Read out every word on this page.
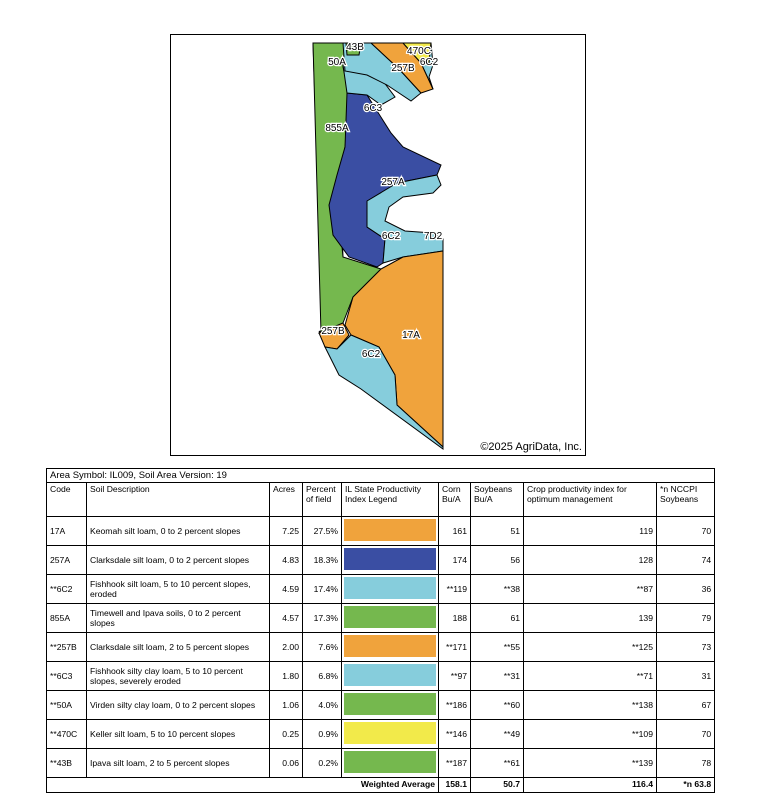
43B	470C
6C2
50A
257B
6C3
855A
257A
6C2 7D2
257B	17A
6C2
©2025 AgriData, Inc.
Area Symbol: IL009, Soil Area Version: 19								
Code	Soil Description	Acres	Percent of field	IL State Productivity Index Legend	Corn Bu/A	Soybeans Bu/A	Crop productivity index for optimum management	*n NCCPI Soybeans
17A	Keomah silt loam, 0 to 2 percent slopes	7.25	27.5%		161	51	119	70
257A	Clarksdale silt loam, 0 to 2 percent slopes	4.83	18.3%		174	56	128	74
**6C2	Fishhook silt loam, 5 to 10 percent slopes, eroded	4.59	17.4%		**119	**38	**87	36
855A	Timewell and Ipava soils, 0 to 2 percent slopes	4.57	17.3%		188	61	139	79
**257B	Clarksdale silt loam, 2 to 5 percent slopes	2.00	7.6%		**171	**55	**125	73
**6C3	Fishhook silty clay loam, 5 to 10 percent slopes, severely eroded	1.80	6.8%		**97	**31	**71	31
**50A	Virden silty clay loam, 0 to 2 percent slopes	1.06	4.0%		**186	**60	**138	67
**470C	Keller silt loam, 5 to 10 percent slopes	0.25	0.9%		**146	**49	**109	70
**43B	Ipava silt loam, 2 to 5 percent slopes	0.06	0.2%		**187	**61	**139	78
Weighted Average					158.1	50.7	116.4	*n 63.8
